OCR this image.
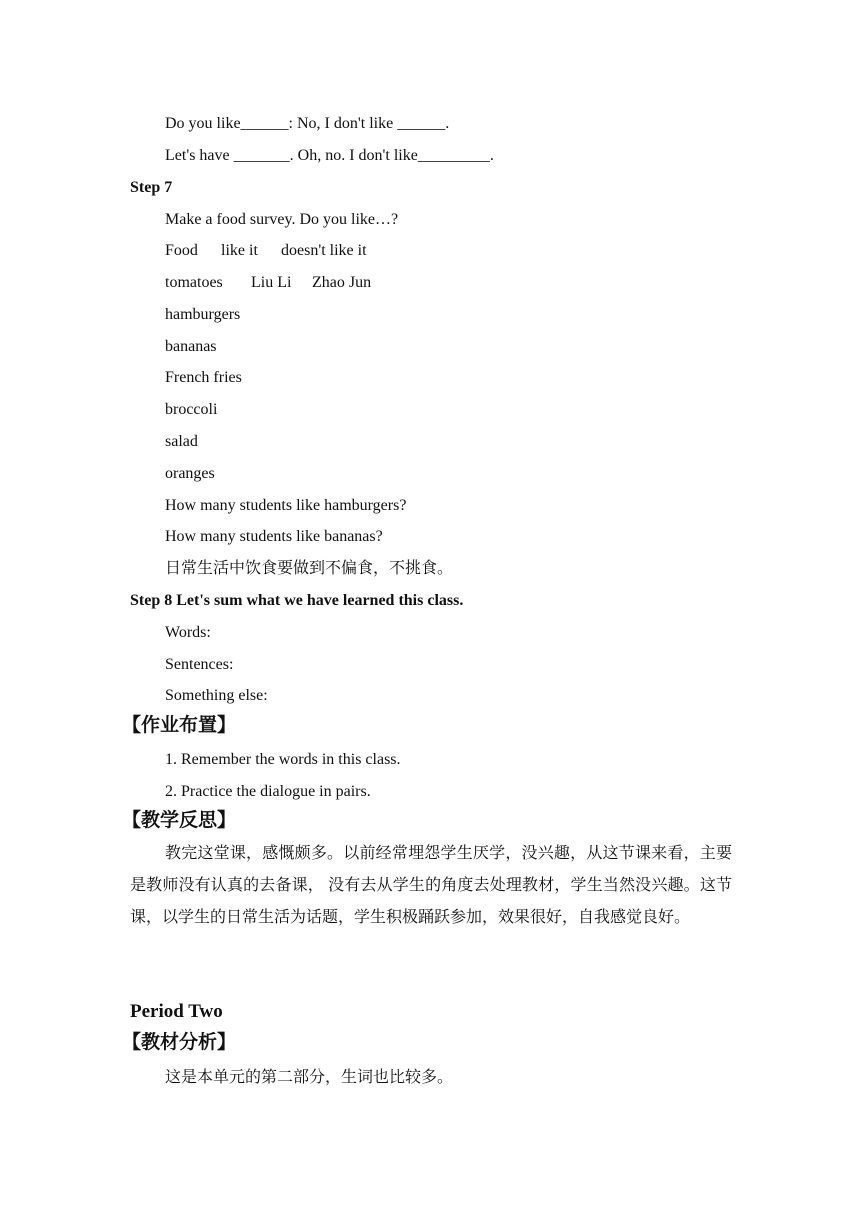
Do you like______: No, I don't like ______.
Let's have _______. Oh, no. I don't like_________.
Step 7
Make a food survey. Do you like…?
Food like it doesn't like it
tomatoes Liu Li Zhao Jun
hamburgers
bananas
French fries
broccoli
salad
oranges
How many students like hamburgers?
How many students like bananas?
日常生活中饮食要做到不偏食，不挑食。
Step 8 Let's sum what we have learned this class.
Words:
Sentences:
Something else:
【作业布置】
1. Remember the words in this class.
2. Practice the dialogue in pairs.
【教学反思】
教完这堂课，感慨颇多。以前经常埋怨学生厌学，没兴趣，从这节课来看，主要是教师没有认真的去备课， 没有去从学生的角度去处理教材，学生当然没兴趣。这节课，以学生的日常生活为话题，学生积极踊跃参加，效果很好，自我感觉良好。
Period Two
【教材分析】
这是本单元的第二部分，生词也比较多。
